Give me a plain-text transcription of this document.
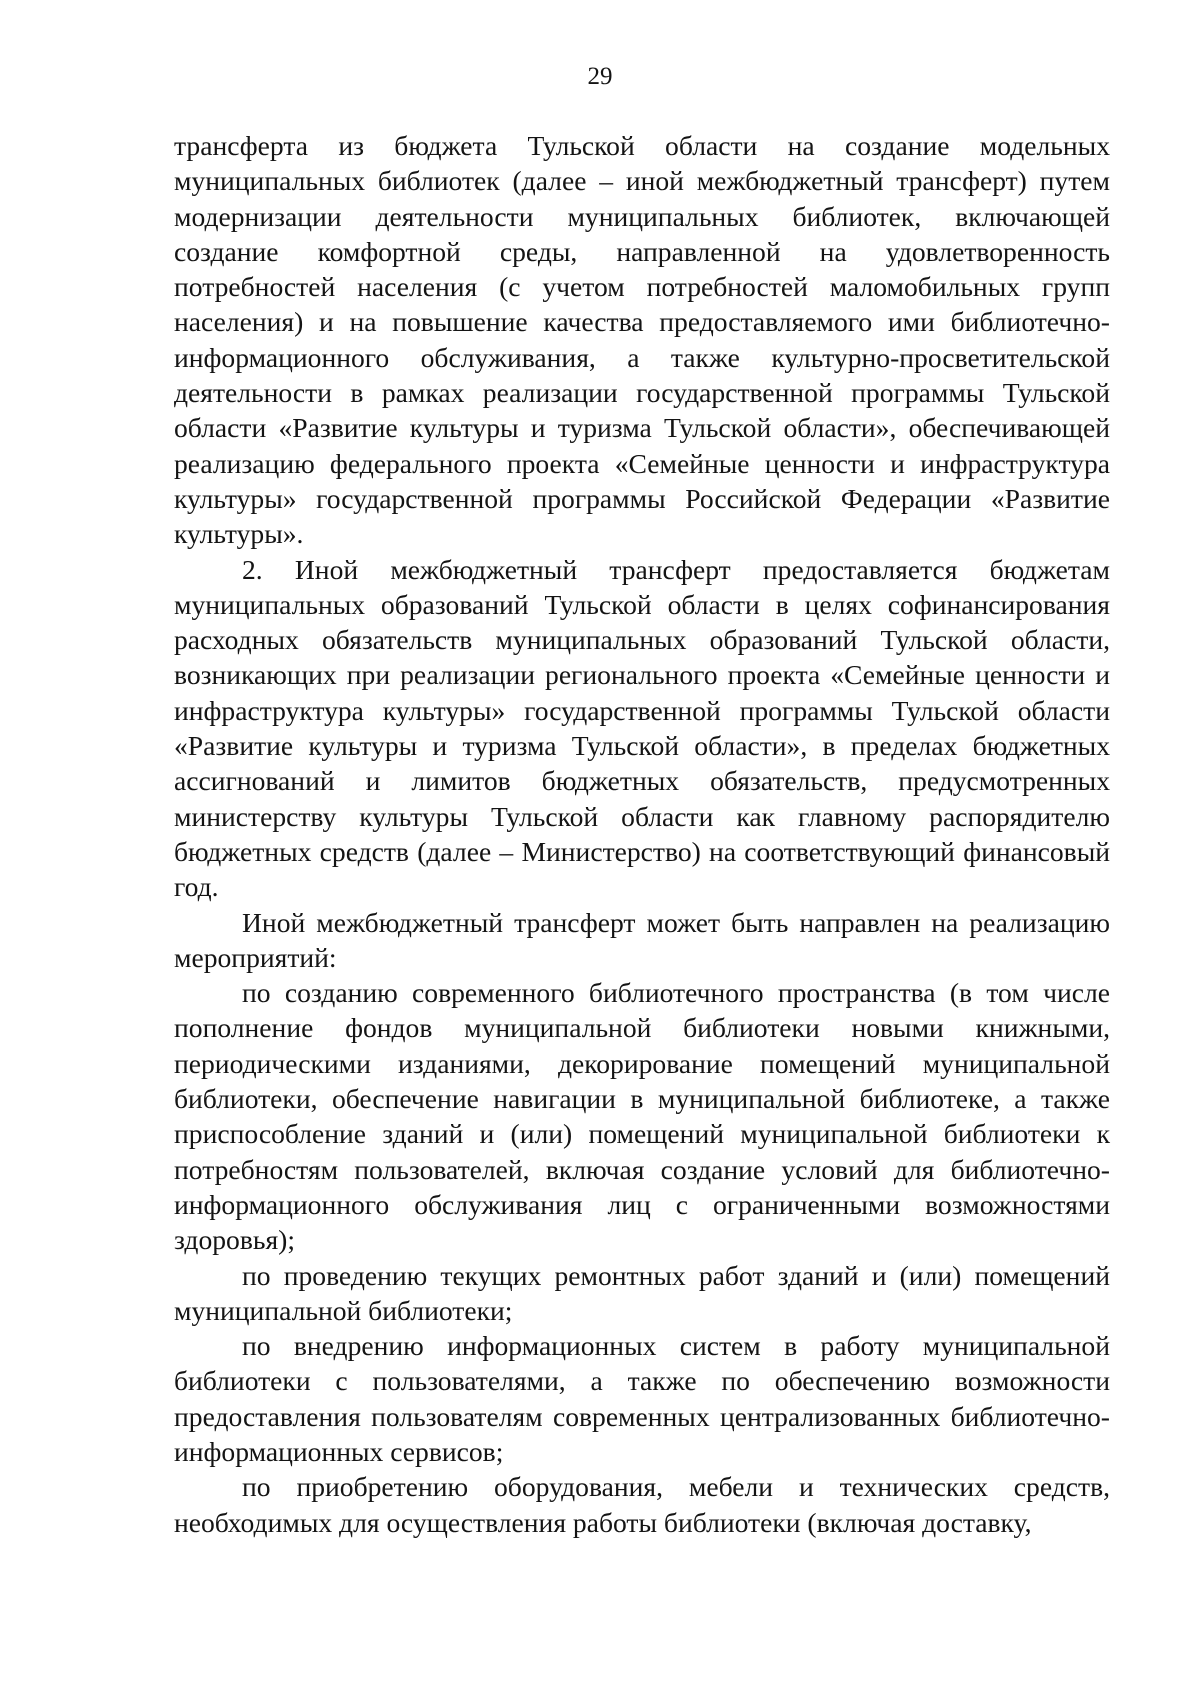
29

трансферта из бюджета Тульской области на создание модельных муниципальных библиотек (далее – иной межбюджетный трансферт) путем модернизации деятельности муниципальных библиотек, включающей создание комфортной среды, направленной на удовлетворенность потребностей населения (с учетом потребностей маломобильных групп населения) и на повышение качества предоставляемого ими библиотечно-информационного обслуживания, а также культурно-просветительской деятельности в рамках реализации государственной программы Тульской области «Развитие культуры и туризма Тульской области», обеспечивающей реализацию федерального проекта «Семейные ценности и инфраструктура культуры» государственной программы Российской Федерации «Развитие культуры».

2. Иной межбюджетный трансферт предоставляется бюджетам муниципальных образований Тульской области в целях софинансирования расходных обязательств муниципальных образований Тульской области, возникающих при реализации регионального проекта «Семейные ценности и инфраструктура культуры» государственной программы Тульской области «Развитие культуры и туризма Тульской области», в пределах бюджетных ассигнований и лимитов бюджетных обязательств, предусмотренных министерству культуры Тульской области как главному распорядителю бюджетных средств (далее – Министерство) на соответствующий финансовый год.

Иной межбюджетный трансферт может быть направлен на реализацию мероприятий:

по созданию современного библиотечного пространства (в том числе пополнение фондов муниципальной библиотеки новыми книжными, периодическими изданиями, декорирование помещений муниципальной библиотеки, обеспечение навигации в муниципальной библиотеке, а также приспособление зданий и (или) помещений муниципальной библиотеки к потребностям пользователей, включая создание условий для библиотечно-информационного обслуживания лиц с ограниченными возможностями здоровья);

по проведению текущих ремонтных работ зданий и (или) помещений муниципальной библиотеки;

по внедрению информационных систем в работу муниципальной библиотеки с пользователями, а также по обеспечению возможности предоставления пользователям современных централизованных библиотечно-информационных сервисов;

по приобретению оборудования, мебели и технических средств, необходимых для осуществления работы библиотеки (включая доставку,
